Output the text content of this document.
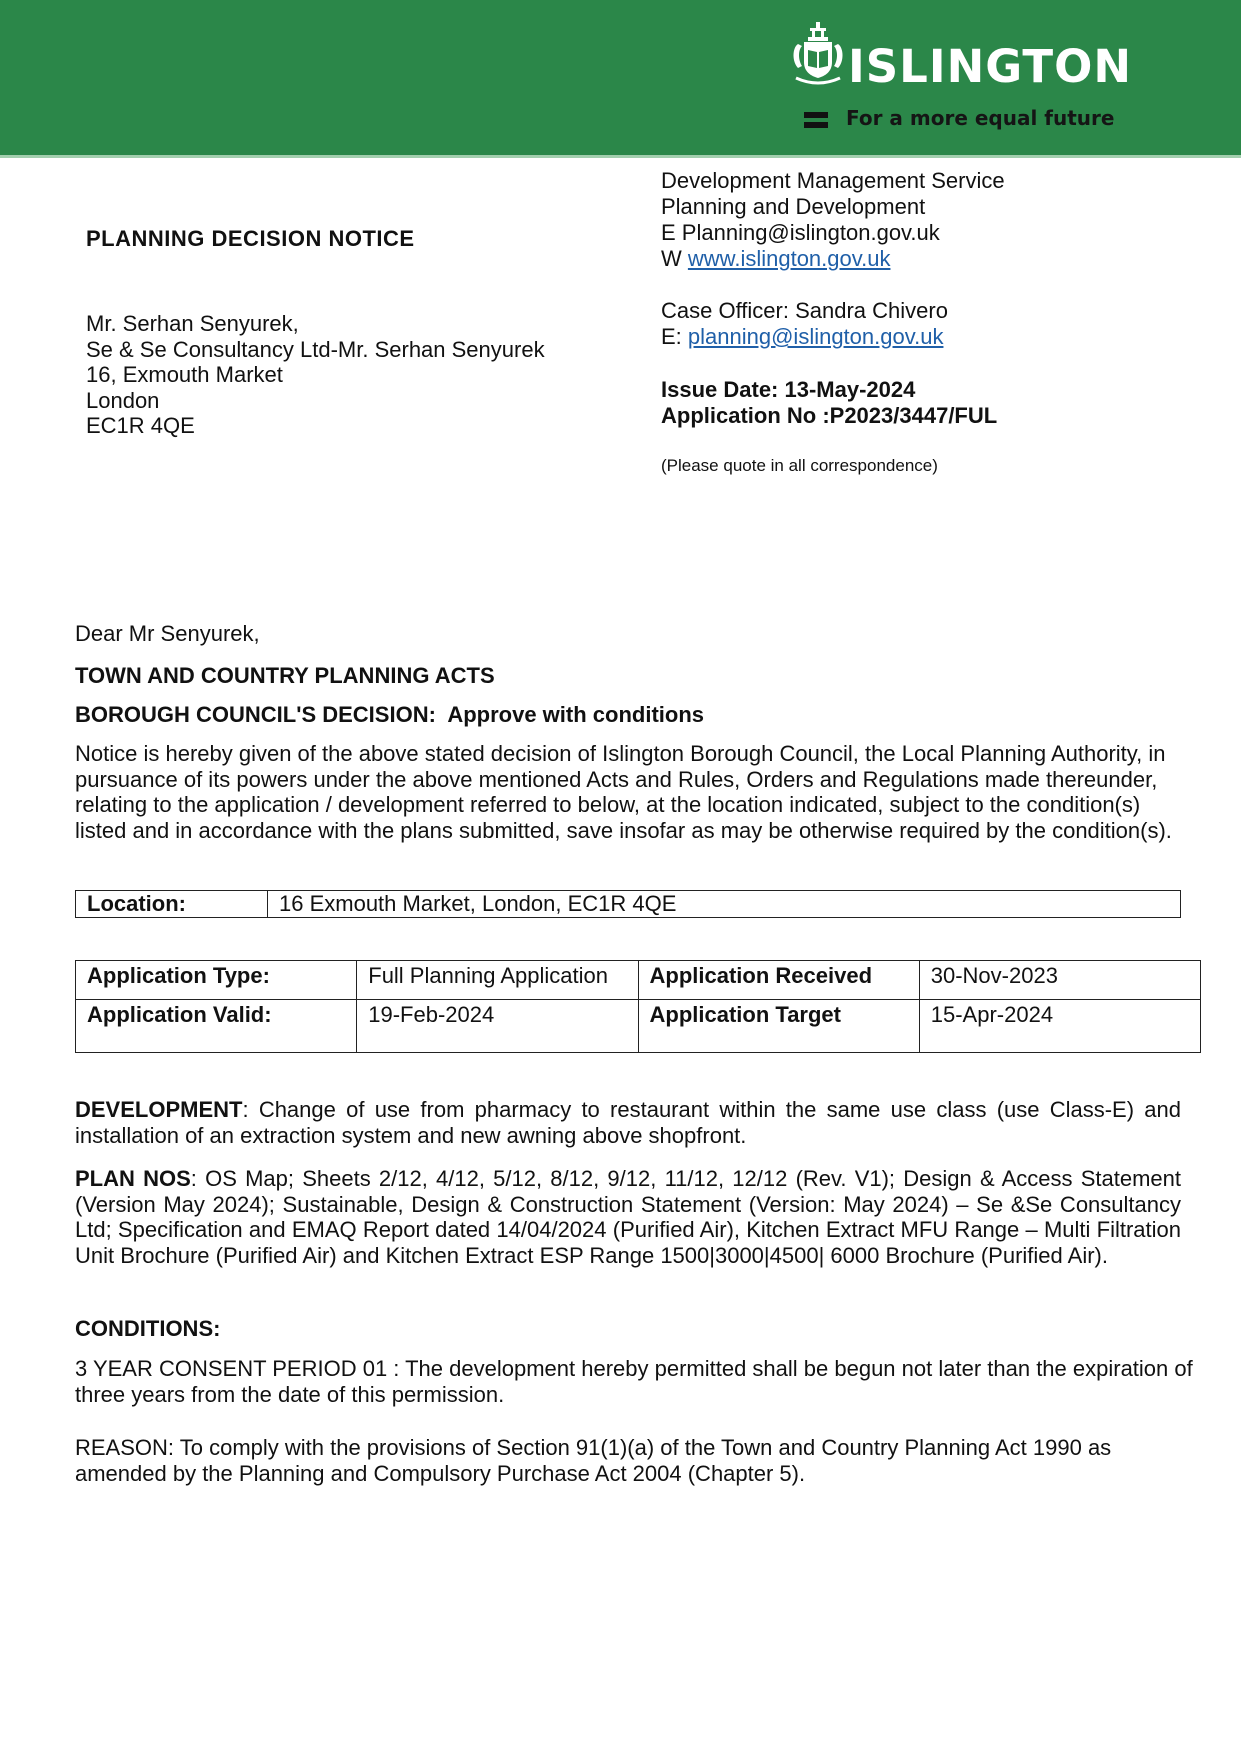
ISLINGTON
For a more equal future
PLANNING DECISION NOTICE
Mr. Serhan Senyurek,
Se & Se Consultancy Ltd-Mr. Serhan Senyurek
16, Exmouth Market
London
EC1R 4QE
Development Management Service
Planning and Development
E Planning@islington.gov.uk
W www.islington.gov.uk
Case Officer: Sandra Chivero
E: planning@islington.gov.uk
Issue Date: 13-May-2024
Application No :P2023/3447/FUL
(Please quote in all correspondence)
Dear Mr Senyurek,
TOWN AND COUNTRY PLANNING ACTS
BOROUGH COUNCIL'S DECISION: Approve with conditions
Notice is hereby given of the above stated decision of Islington Borough Council, the Local Planning Authority, in pursuance of its powers under the above mentioned Acts and Rules, Orders and Regulations made thereunder, relating to the application / development referred to below, at the location indicated, subject to the condition(s) listed and in accordance with the plans submitted, save insofar as may be otherwise required by the condition(s).
Location:	16 Exmouth Market, London, EC1R 4QE
Application Type:	Full Planning Application	Application Received	30-Nov-2023
Application Valid:	19-Feb-2024	Application Target	15-Apr-2024
DEVELOPMENT: Change of use from pharmacy to restaurant within the same use class (use Class-E) and installation of an extraction system and new awning above shopfront.
PLAN NOS: OS Map; Sheets 2/12, 4/12, 5/12, 8/12, 9/12, 11/12, 12/12 (Rev. V1); Design & Access Statement (Version May 2024); Sustainable, Design & Construction Statement (Version: May 2024) – Se &Se Consultancy Ltd; Specification and EMAQ Report dated 14/04/2024 (Purified Air), Kitchen Extract MFU Range – Multi Filtration Unit Brochure (Purified Air) and Kitchen Extract ESP Range 1500|3000|4500| 6000 Brochure (Purified Air).
CONDITIONS:
3 YEAR CONSENT PERIOD 01 : The development hereby permitted shall be begun not later than the expiration of three years from the date of this permission.
REASON: To comply with the provisions of Section 91(1)(a) of the Town and Country Planning Act 1990 as amended by the Planning and Compulsory Purchase Act 2004 (Chapter 5).
